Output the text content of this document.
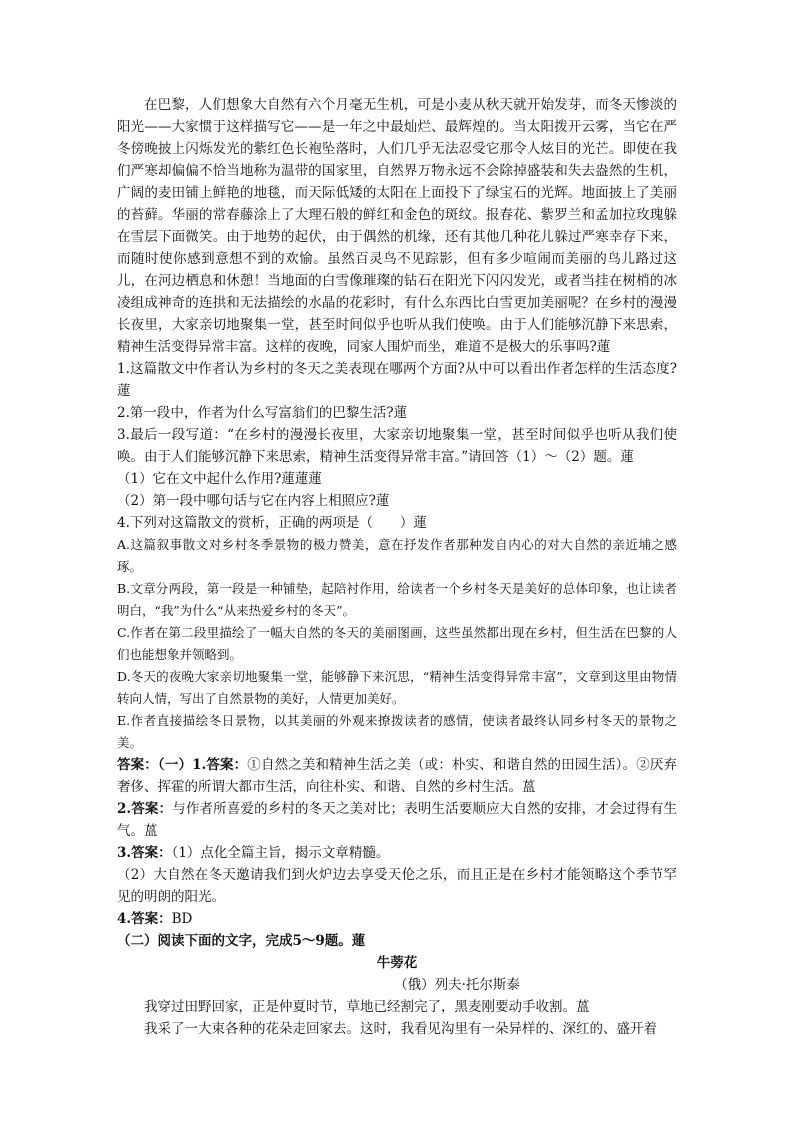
在巴黎，人们想象大自然有六个月毫无生机，可是小麦从秋天就开始发芽，而冬天惨淡的阳光——大家惯于这样描写它——是一年之中最灿烂、最辉煌的。当太阳拨开云雾，当它在严冬傍晚披上闪烁发光的紫红色长袍坠落时，人们几乎无法忍受它那令人炫目的光芒。即使在我们严寒却偏偏不恰当地称为温带的国家里，自然界万物永远不会除掉盛装和失去盎然的生机，广阔的麦田铺上鲜艳的地毯，而天际低矮的太阳在上面投下了绿宝石的光辉。地面披上了美丽的苔藓。华丽的常春藤涂上了大理石般的鲜红和金色的斑纹。报春花、紫罗兰和孟加拉玫瑰躲在雪层下面微笑。由于地势的起伏，由于偶然的机缘，还有其他几种花儿躲过严寒幸存下来，而随时使你感到意想不到的欢愉。虽然百灵鸟不见踪影，但有多少喧闹而美丽的鸟儿路过这儿，在河边栖息和休憩！当地面的白雪像璀璨的钻石在阳光下闪闪发光，或者当挂在树梢的冰凌组成神奇的连拱和无法描绘的水晶的花彩时，有什么东西比白雪更加美丽呢？在乡村的漫漫长夜里，大家亲切地聚集一堂，甚至时间似乎也听从我们使唤。由于人们能够沉静下来思索，精神生活变得异常丰富。这样的夜晚，同家人围炉而坐，难道不是极大的乐事吗?蓮

1.这篇散文中作者认为乡村的冬天之美表现在哪两个方面?从中可以看出作者怎样的生活态度?蓮

2.第一段中，作者为什么写富翁们的巴黎生活?蓮

3.最后一段写道：“在乡村的漫漫长夜里，大家亲切地聚集一堂，甚至时间似乎也听从我们使唤。由于人们能够沉静下来思索，精神生活变得异常丰富。”请回答（1）～（2）题。蓮

（1）它在文中起什么作用?蓮蓮蓮

（2）第一段中哪句话与它在内容上相照应?蓮

4.下列对这篇散文的赏析，正确的两项是（　　）蓮

A.这篇叙事散文对乡村冬季景物的极力赞美，意在抒发作者那种发自内心的对大自然的亲近埔之感琢。

B.文章分两段，第一段是一种铺垫，起陪衬作用，给读者一个乡村冬天是美好的总体印象，也让读者明白，“我”为什么“从来热爱乡村的冬天”。

C.作者在第二段里描绘了一幅大自然的冬天的美丽图画，这些虽然都出现在乡村，但生活在巴黎的人们也能想象并领略到。

D.冬天的夜晚大家亲切地聚集一堂，能够静下来沉思，“精神生活变得异常丰富”，文章到这里由物情转向人情，写出了自然景物的美好，人情更加美好。

E.作者直接描绘冬日景物，以其美丽的外观来撩拨读者的感情，使读者最终认同乡村冬天的景物之美。

答案：（一）1.答案：①自然之美和精神生活之美（或：朴实、和谐自然的田园生活）。②厌弃奢侈、挥霍的所谓大都市生活，向往朴实、和谐、自然的乡村生活。蒕

2.答案：与作者所喜爱的乡村的冬天之美对比；表明生活要顺应大自然的安排，才会过得有生气。蒕

3.答案：（1）点化全篇主旨，揭示文章精髓。

（2）大自然在冬天邀请我们到火炉边去享受天伦之乐，而且正是在乡村才能领略这个季节罕见的明朗的阳光。

4.答案：BD

（二）阅读下面的文字，完成5～9题。蓮

牛蒡花

（俄）列夫·托尔斯泰

我穿过田野回家，正是仲夏时节，草地已经割完了，黑麦刚要动手收割。蒕

我采了一大束各种的花朵走回家去。这时，我看见沟里有一朵异样的、深红的、盛开着
